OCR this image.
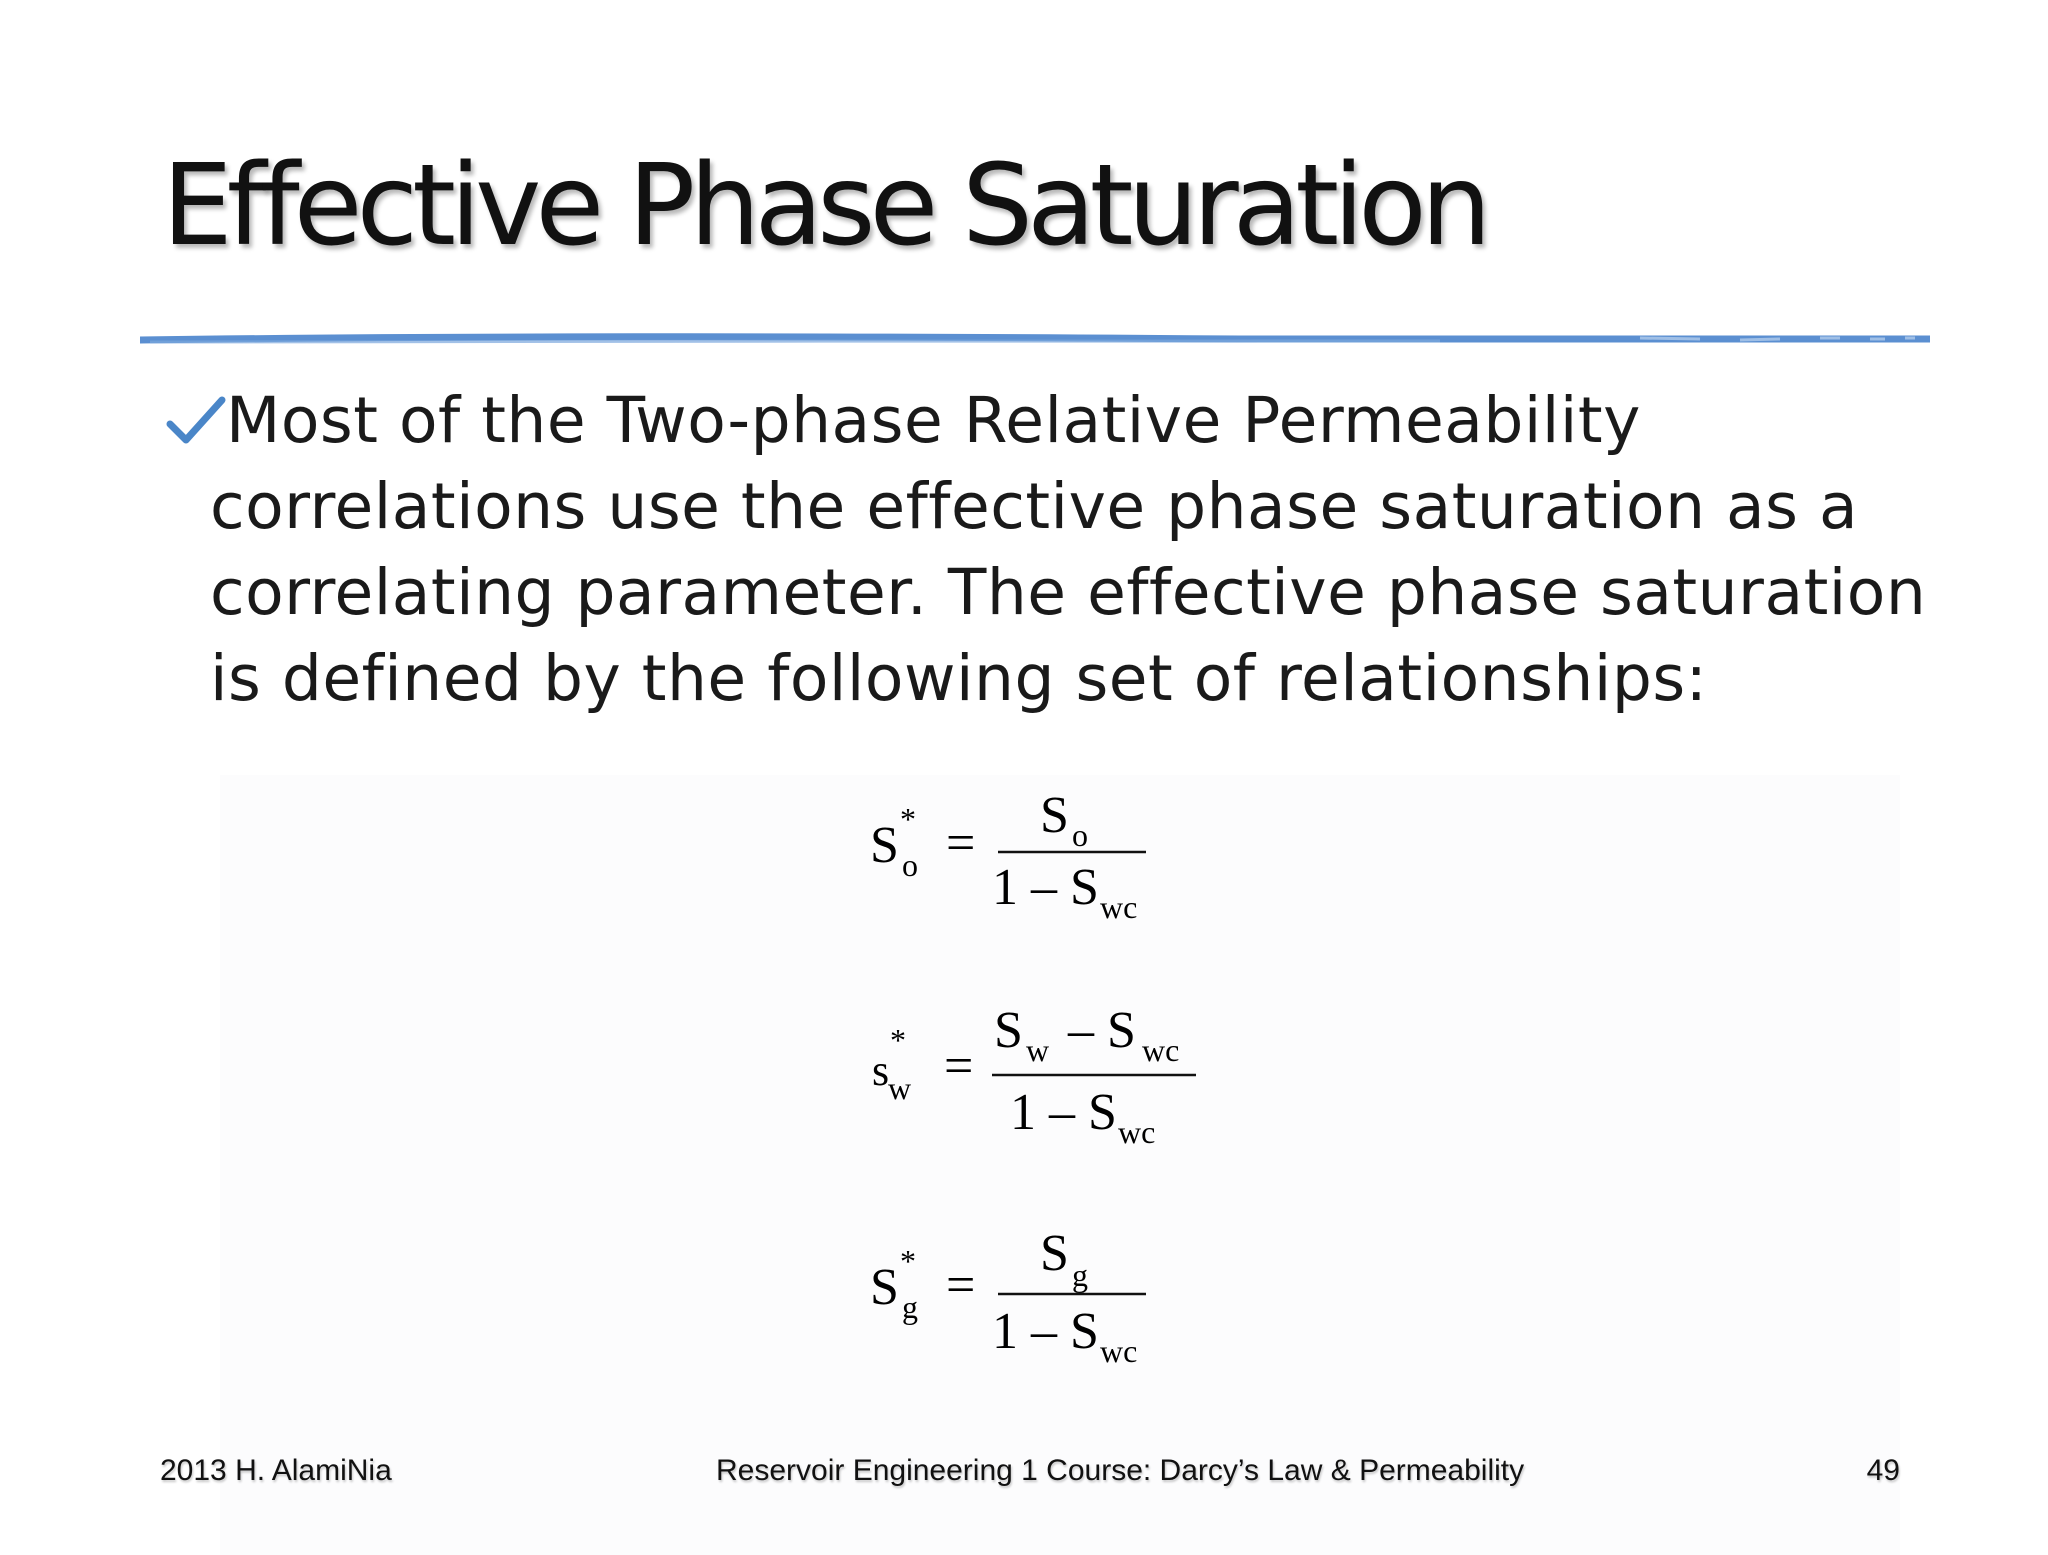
Effective Phase Saturation

Most of the Two-phase Relative Permeability correlations use the effective phase saturation as a correlating parameter. The effective phase saturation is defined by the following set of relationships:

S *
o = S o
1 – S wc
s
*
w =
S w – S wc
1 – S wc
S *
g =
S g
1 – S wc
2013 H. AlamiNia	Reservoir Engineering 1 Course: Darcy’s Law & Permeability	49
